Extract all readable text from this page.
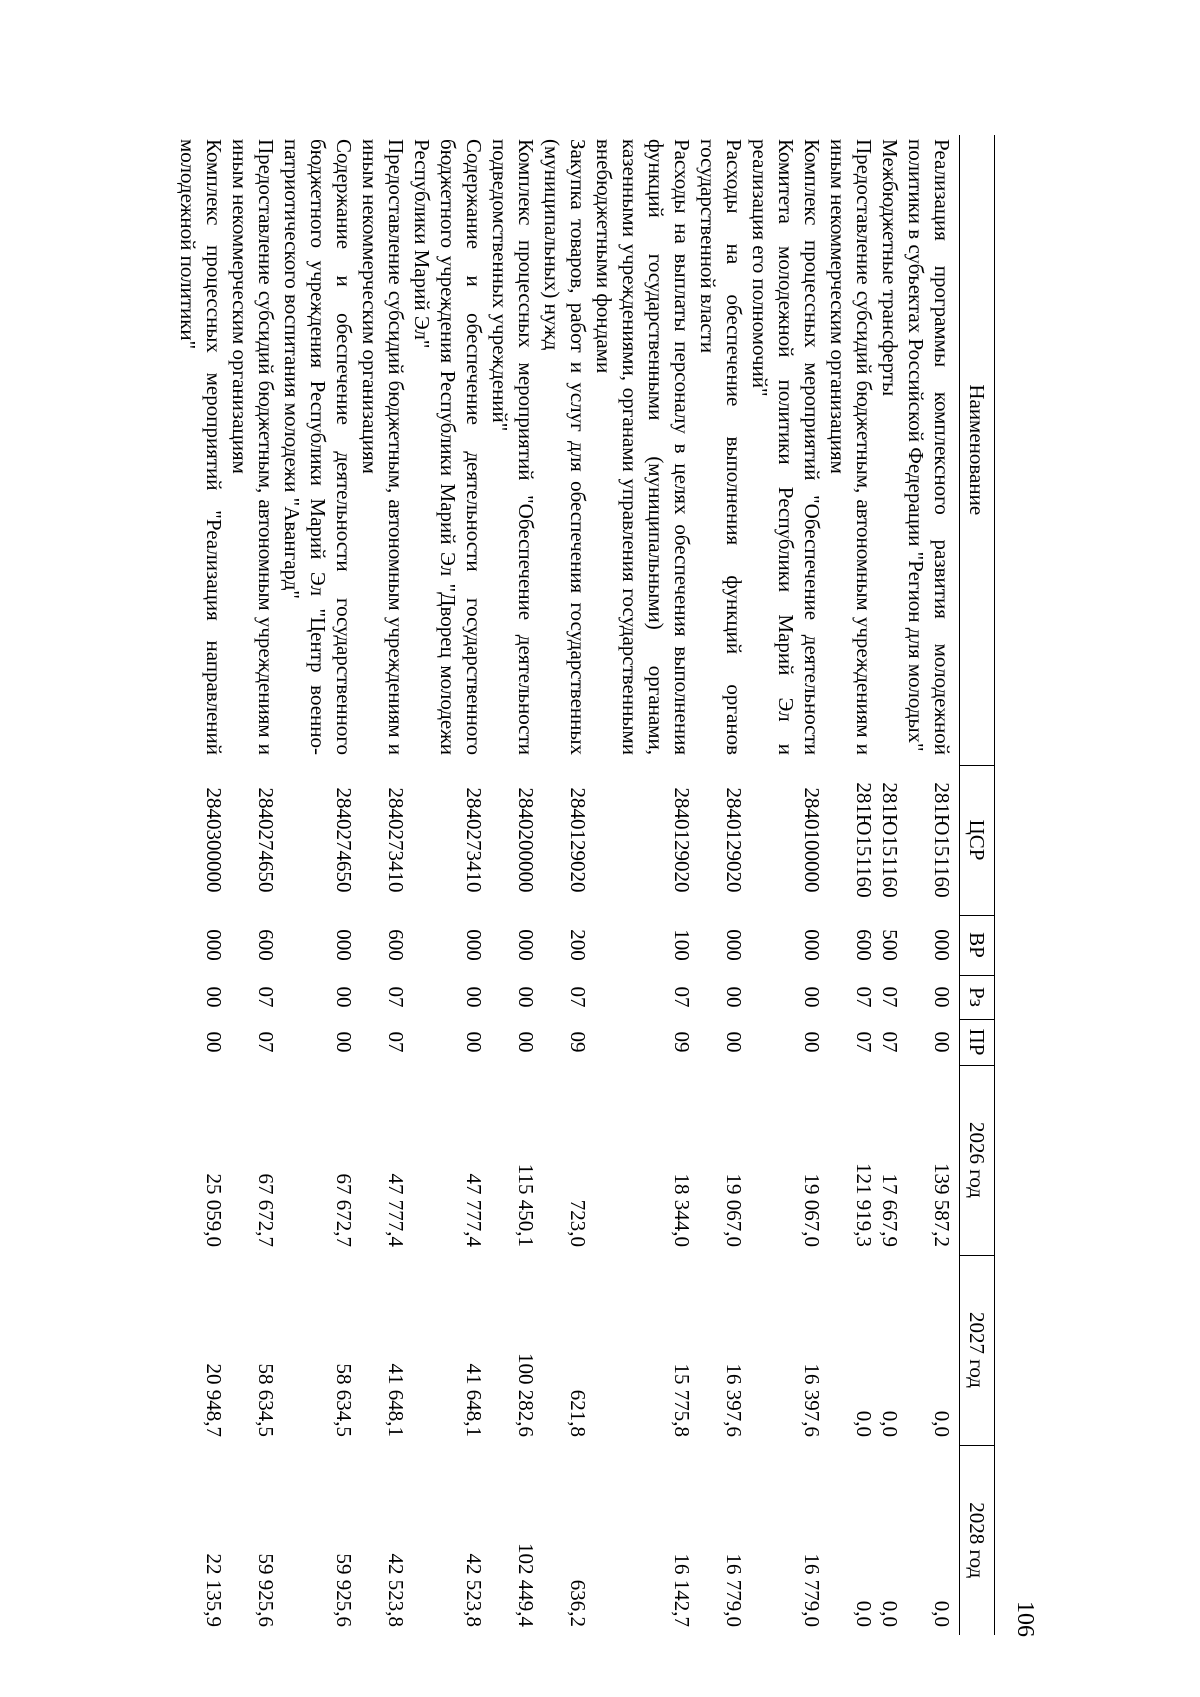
106
Наименование	ЦСР	ВР	Рз	ПР	2026 год	2027 год	2028 год
Реализация программы комплексного развития молодежной политики в субъектах Российской Федерации "Регион для молодых"	281Ю151160	000	00	00	139 587,2	0,0	0,0
Межбюджетные трансферты	281Ю151160	500	07	07	17 667,9	0,0	0,0
Предоставление субсидий бюджетным, автономным учреждениям и иным некоммерческим организациям	281Ю151160	600	07	07	121 919,3	0,0	0,0
Комплекс процессных мероприятий "Обеспечение деятельности Комитета молодежной политики Республики Марий Эл и реализация его полномочий"	2840100000	000	00	00	19 067,0	16 397,6	16 779,0
Расходы на обеспечение выполнения функций органов государственной власти	2840129020	000	00	00	19 067,0	16 397,6	16 779,0
Расходы на выплаты персоналу в целях обеспечения выполнения функций государственными (муниципальными) органами, казенными учреждениями, органами управления государственными внебюджетными фондами	2840129020	100	07	09	18 344,0	15 775,8	16 142,7
Закупка товаров, работ и услуг для обеспечения государственных (муниципальных) нужд	2840129020	200	07	09	723,0	621,8	636,2
Комплекс процессных мероприятий "Обеспечение деятельности подведомственных учреждений"	2840200000	000	00	00	115 450,1	100 282,6	102 449,4
Содержание и обеспечение деятельности государственного бюджетного учреждения Республики Марий Эл "Дворец молодежи Республики Марий Эл"	2840273410	000	00	00	47 777,4	41 648,1	42 523,8
Предоставление субсидий бюджетным, автономным учреждениям и иным некоммерческим организациям	2840273410	600	07	07	47 777,4	41 648,1	42 523,8
Содержание и обеспечение деятельности государственного бюджетного учреждения Республики Марий Эл "Центр военно-патриотического воспитания молодежи "Авангард"	2840274650	000	00	00	67 672,7	58 634,5	59 925,6
Предоставление субсидий бюджетным, автономным учреждениям и иным некоммерческим организациям	2840274650	600	07	07	67 672,7	58 634,5	59 925,6
Комплекс процессных мероприятий "Реализация направлений молодежной политики"	2840300000	000	00	00	25 059,0	20 948,7	22 135,9
